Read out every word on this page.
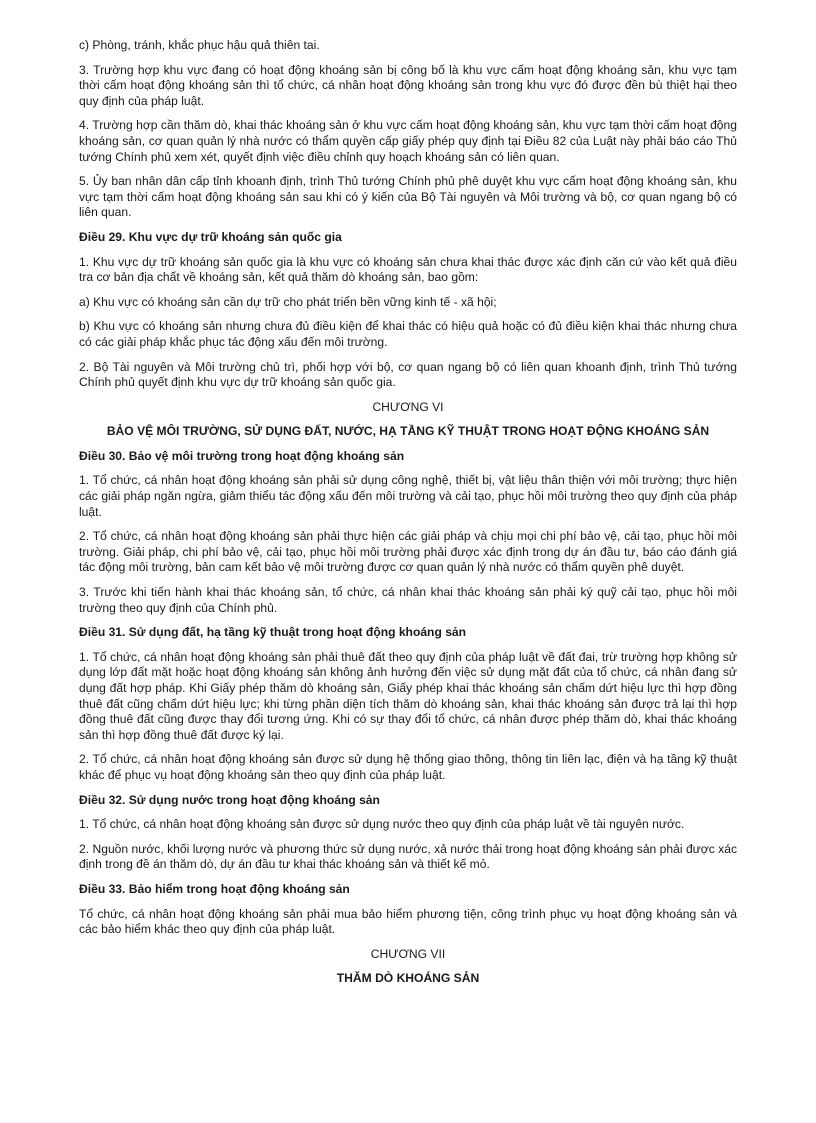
c) Phòng, tránh, khắc phục hậu quả thiên tai.

3. Trường hợp khu vực đang có hoạt động khoáng sản bị công bố là khu vực cấm hoạt động khoáng sản, khu vực tạm thời cấm hoạt động khoáng sản thì tổ chức, cá nhân hoạt động khoáng sản trong khu vực đó được đền bù thiệt hại theo quy định của pháp luật.

4. Trường hợp cần thăm dò, khai thác khoáng sản ở khu vực cấm hoạt động khoáng sản, khu vực tạm thời cấm hoạt động khoáng sản, cơ quan quản lý nhà nước có thẩm quyền cấp giấy phép quy định tại Điều 82 của Luật này phải báo cáo Thủ tướng Chính phủ xem xét, quyết định việc điều chỉnh quy hoạch khoáng sản có liên quan.

5. Ủy ban nhân dân cấp tỉnh khoanh định, trình Thủ tướng Chính phủ phê duyệt khu vực cấm hoạt động khoáng sản, khu vực tạm thời cấm hoạt động khoáng sản sau khi có ý kiến của Bộ Tài nguyên và Môi trường và bộ, cơ quan ngang bộ có liên quan.

Điều 29. Khu vực dự trữ khoáng sản quốc gia

1. Khu vực dự trữ khoáng sản quốc gia là khu vực có khoáng sản chưa khai thác được xác định căn cứ vào kết quả điều tra cơ bản địa chất về khoáng sản, kết quả thăm dò khoáng sản, bao gồm:

a) Khu vực có khoáng sản cần dự trữ cho phát triển bền vững kinh tế - xã hội;

b) Khu vực có khoáng sản nhưng chưa đủ điều kiện để khai thác có hiệu quả hoặc có đủ điều kiện khai thác nhưng chưa có các giải pháp khắc phục tác động xấu đến môi trường.

2. Bộ Tài nguyên và Môi trường chủ trì, phối hợp với bộ, cơ quan ngang bộ có liên quan khoanh định, trình Thủ tướng Chính phủ quyết định khu vực dự trữ khoáng sản quốc gia.

CHƯƠNG VI

BẢO VỆ MÔI TRƯỜNG, SỬ DỤNG ĐẤT, NƯỚC, HẠ TẦNG KỸ THUẬT TRONG HOẠT ĐỘNG KHOÁNG SẢN

Điều 30. Bảo vệ môi trường trong hoạt động khoáng sản

1. Tổ chức, cá nhân hoạt động khoáng sản phải sử dụng công nghệ, thiết bị, vật liệu thân thiện với môi trường; thực hiện các giải pháp ngăn ngừa, giảm thiểu tác động xấu đến môi trường và cải tạo, phục hồi môi trường theo quy định của pháp luật.

2. Tổ chức, cá nhân hoạt động khoáng sản phải thực hiện các giải pháp và chịu mọi chi phí bảo vệ, cải tạo, phục hồi môi trường. Giải pháp, chi phí bảo vệ, cải tạo, phục hồi môi trường phải được xác định trong dự án đầu tư, báo cáo đánh giá tác động môi trường, bản cam kết bảo vệ môi trường được cơ quan quản lý nhà nước có thẩm quyền phê duyệt.

3. Trước khi tiến hành khai thác khoáng sản, tổ chức, cá nhân khai thác khoáng sản phải ký quỹ cải tạo, phục hồi môi trường theo quy định của Chính phủ.

Điều 31. Sử dụng đất, hạ tầng kỹ thuật trong hoạt động khoáng sản

1. Tổ chức, cá nhân hoạt động khoáng sản phải thuê đất theo quy định của pháp luật về đất đai, trừ trường hợp không sử dụng lớp đất mặt hoặc hoạt động khoáng sản không ảnh hưởng đến việc sử dụng mặt đất của tổ chức, cá nhân đang sử dụng đất hợp pháp. Khi Giấy phép thăm dò khoáng sản, Giấy phép khai thác khoáng sản chấm dứt hiệu lực thì hợp đồng thuê đất cũng chấm dứt hiệu lực; khi từng phần diện tích thăm dò khoáng sản, khai thác khoáng sản được trả lại thì hợp đồng thuê đất cũng được thay đổi tương ứng. Khi có sự thay đổi tổ chức, cá nhân được phép thăm dò, khai thác khoáng sản thì hợp đồng thuê đất được ký lại.

2. Tổ chức, cá nhân hoạt động khoáng sản được sử dụng hệ thống giao thông, thông tin liên lạc, điện và hạ tầng kỹ thuật khác để phục vụ hoạt động khoáng sản theo quy định của pháp luật.

Điều 32. Sử dụng nước trong hoạt động khoáng sản

1. Tổ chức, cá nhân hoạt động khoáng sản được sử dụng nước theo quy định của pháp luật về tài nguyên nước.

2. Nguồn nước, khối lượng nước và phương thức sử dụng nước, xả nước thải trong hoạt động khoáng sản phải được xác định trong đề án thăm dò, dự án đầu tư khai thác khoáng sản và thiết kế mỏ.

Điều 33. Bảo hiểm trong hoạt động khoáng sản

Tổ chức, cá nhân hoạt động khoáng sản phải mua bảo hiểm phương tiện, công trình phục vụ hoạt động khoáng sản và các bảo hiểm khác theo quy định của pháp luật.

CHƯƠNG VII

THĂM DÒ KHOÁNG SẢN
